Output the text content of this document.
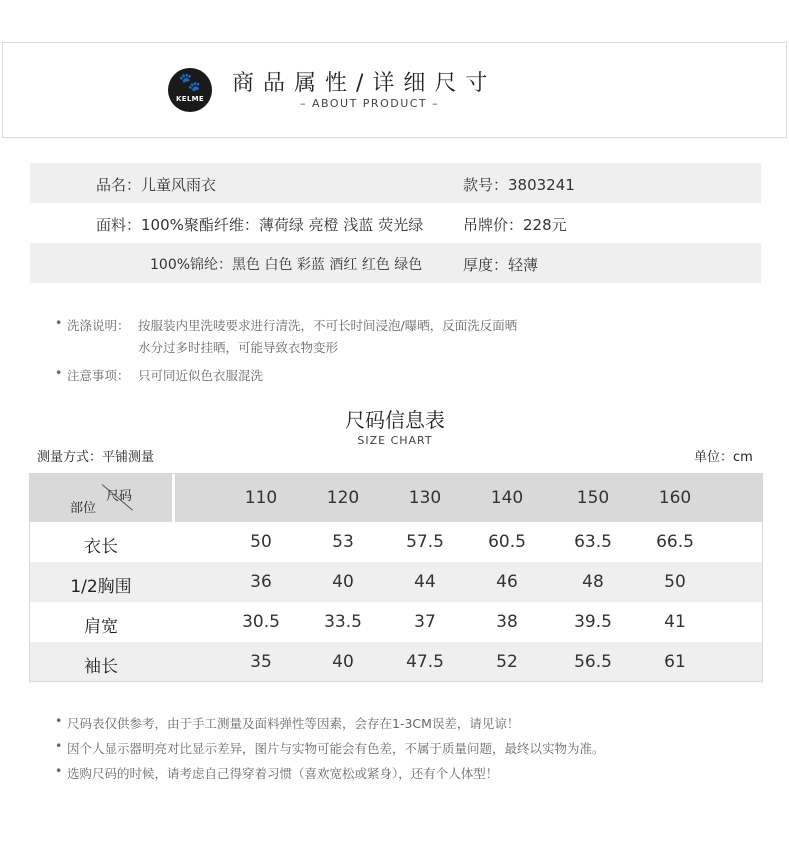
🐾
KELME
商品属性/详细尺寸
– ABOUT PRODUCT –
品名：儿童风雨衣	款号：3803241
面料：100%聚酯纤维：薄荷绿 亮橙 浅蓝 荧光绿	吊牌价：228元
100%锦纶：黑色 白色 彩蓝 酒红 红色 绿色	厚度：轻薄
• 洗涤说明： 按服装内里洗唛要求进行清洗，不可长时间浸泡/曝晒，反面洗反面晒
水分过多时挂晒，可能导致衣物变形
• 注意事项： 只可同近似色衣服混洗
尺码信息表
SIZE CHART
测量方式：平铺测量	单位：cm
尺码
部位
110	120	130	140	150	160
衣长	50	53	57.5	60.5	63.5	66.5
1/2胸围	36	40	44	46	48	50
肩宽	30.5	33.5	37	38	39.5	41
袖长	35	40	47.5	52	56.5	61
• 尺码表仅供参考，由于手工测量及面料弹性等因素，会存在1-3CM误差，请见谅！
• 因个人显示器明亮对比显示差异，图片与实物可能会有色差，不属于质量问题，最终以实物为准。
• 选购尺码的时候，请考虑自己得穿着习惯（喜欢宽松或紧身），还有个人体型！
